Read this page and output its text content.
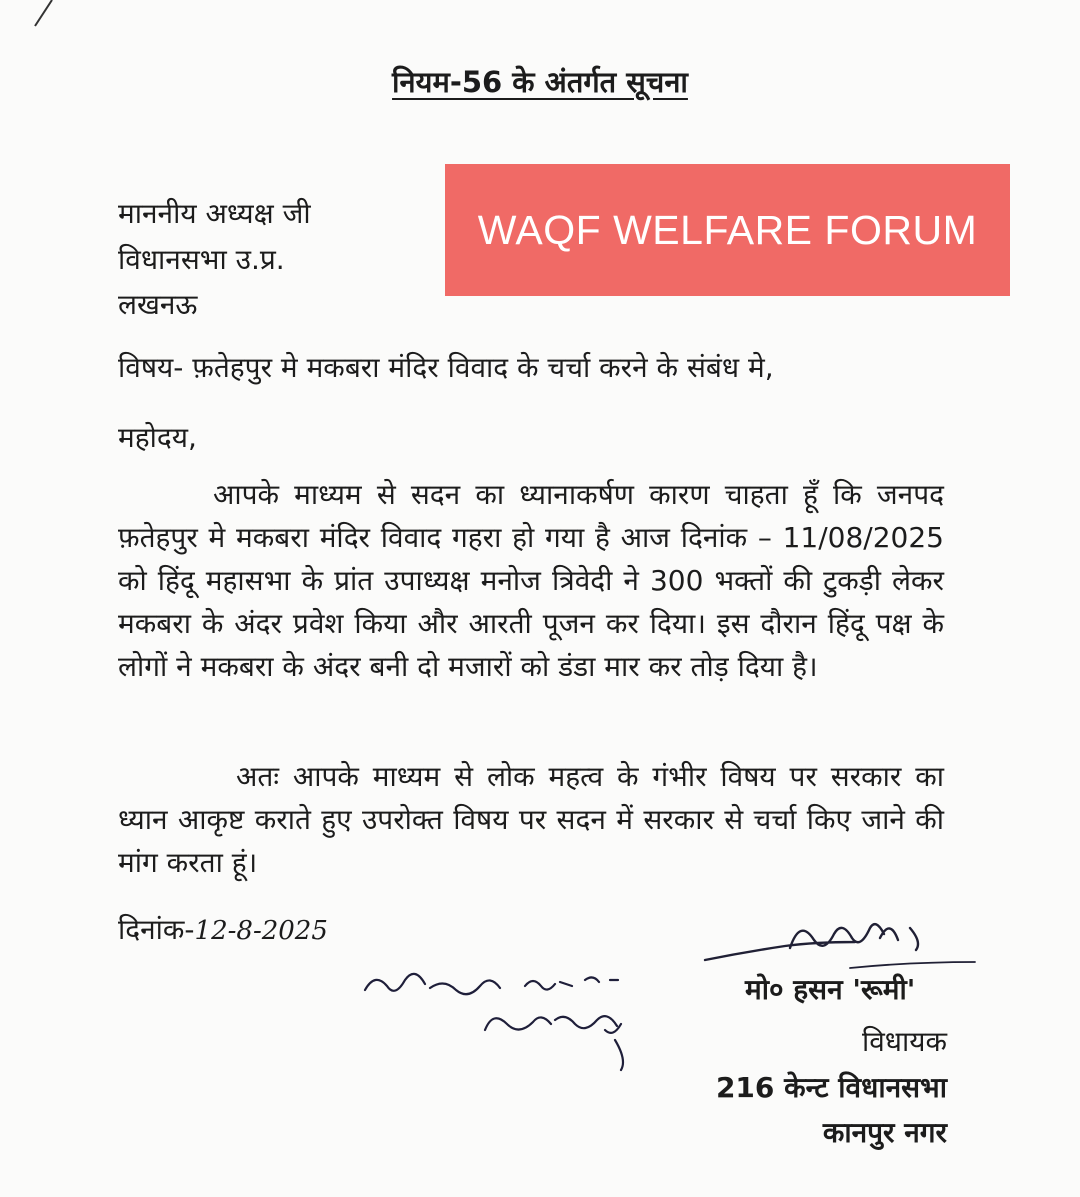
नियम-56 के अंतर्गत सूचना
WAQF WELFARE FORUM
माननीय अध्यक्ष जी
विधानसभा उ.प्र.
लखनऊ
विषय- फ़तेहपुर मे मकबरा मंदिर विवाद के चर्चा करने के संबंध मे,
महोदय,
आपके माध्यम से सदन का ध्यानाकर्षण कारण चाहता हूँ कि जनपद फ़तेहपुर मे मकबरा मंदिर विवाद गहरा हो गया है आज दिनांक – 11/08/2025 को हिंदू महासभा के प्रांत उपाध्यक्ष मनोज त्रिवेदी ने 300 भक्तों की टुकड़ी लेकर मकबरा के अंदर प्रवेश किया और आरती पूजन कर दिया। इस दौरान हिंदू पक्ष के लोगों ने मकबरा के अंदर बनी दो मजारों को डंडा मार कर तोड़ दिया है।
अतः आपके माध्यम से लोक महत्व के गंभीर विषय पर सरकार का ध्यान आकृष्ट कराते हुए उपरोक्त विषय पर सदन में सरकार से चर्चा किए जाने की मांग करता हूं।
दिनांक-12-8-2025
मो० हसन 'रूमी'
विधायक
216 केन्ट विधानसभा
कानपुर नगर
